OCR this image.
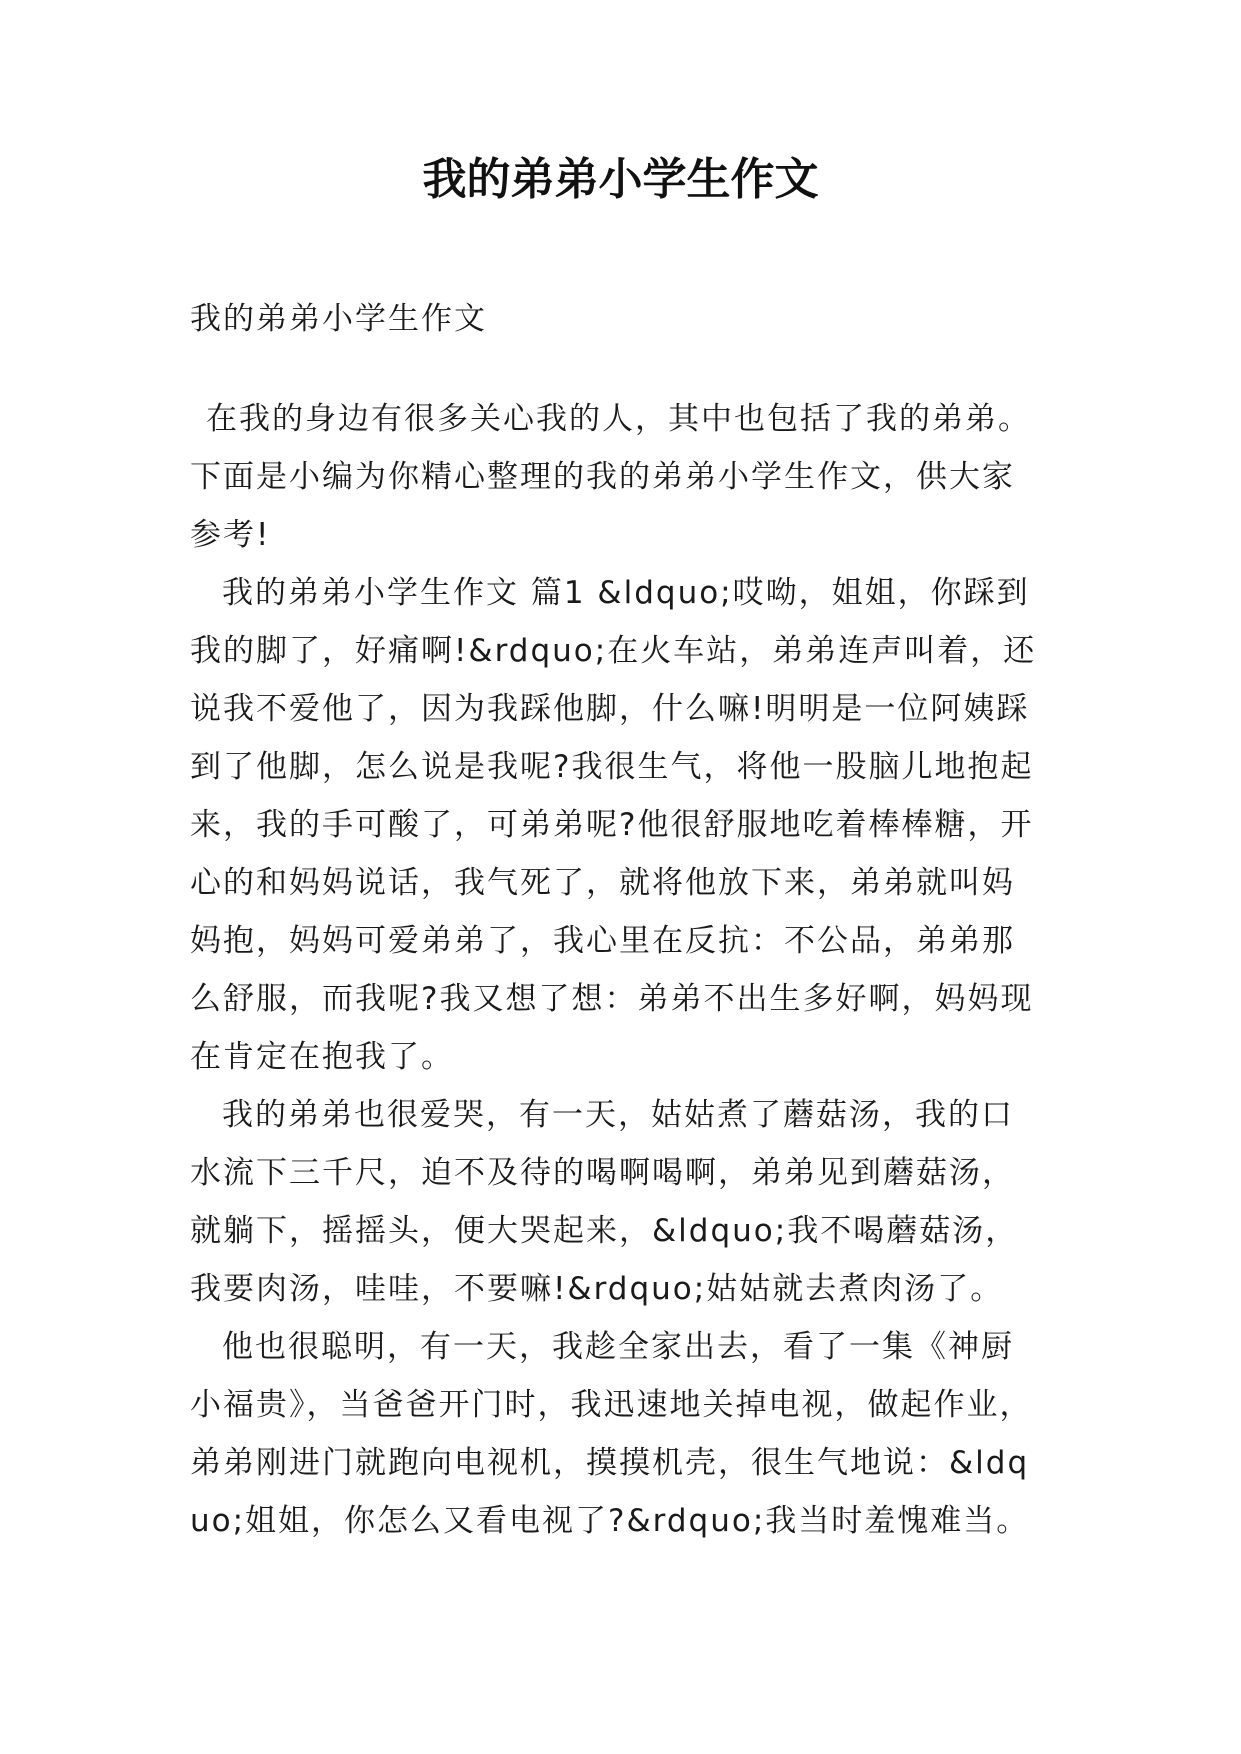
我的弟弟小学生作文

我的弟弟小学生作文

在我的身边有很多关心我的人，其中也包括了我的弟弟。下面是小编为你精心整理的我的弟弟小学生作文，供大家参考!

我的弟弟小学生作文 篇1 &ldquo;哎呦，姐姐，你踩到我的脚了，好痛啊!&rdquo;在火车站，弟弟连声叫着，还说我不爱他了，因为我踩他脚，什么嘛!明明是一位阿姨踩到了他脚，怎么说是我呢?我很生气，将他一股脑儿地抱起来，我的手可酸了，可弟弟呢?他很舒服地吃着棒棒糖，开心的和妈妈说话，我气死了，就将他放下来，弟弟就叫妈妈抱，妈妈可爱弟弟了，我心里在反抗：不公品，弟弟那么舒服，而我呢?我又想了想：弟弟不出生多好啊，妈妈现在肯定在抱我了。

我的弟弟也很爱哭，有一天，姑姑煮了蘑菇汤，我的口水流下三千尺，迫不及待的喝啊喝啊，弟弟见到蘑菇汤，就躺下，摇摇头，便大哭起来，&ldquo;我不喝蘑菇汤，我要肉汤，哇哇，不要嘛!&rdquo;姑姑就去煮肉汤了。

他也很聪明，有一天，我趁全家出去，看了一集《神厨小福贵》，当爸爸开门时，我迅速地关掉电视，做起作业，弟弟刚进门就跑向电视机，摸摸机壳，很生气地说：&ldquo;姐姐，你怎么又看电视了?&rdquo;我当时羞愧难当。
